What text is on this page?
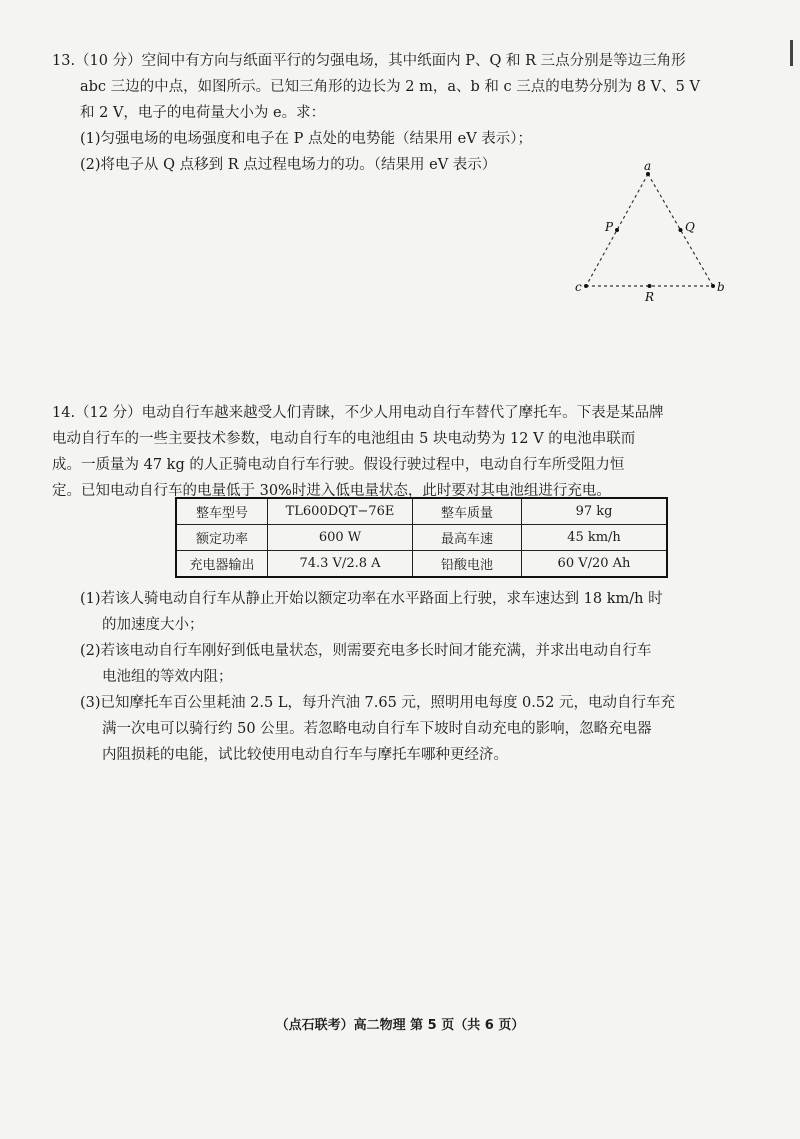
13.（10 分）空间中有方向与纸面平行的匀强电场，其中纸面内 P、Q 和 R 三点分别是等边三角形
abc 三边的中点，如图所示。已知三角形的边长为 2 m，a、b 和 c 三点的电势分别为 8 V、5 V
和 2 V，电子的电荷量大小为 e。求：
(1)匀强电场的电场强度和电子在 P 点处的电势能（结果用 eV 表示）；
(2)将电子从 Q 点移到 R 点过程电场力的功。（结果用 eV 表示）	a
c	b
P	Q
R
14.（12 分）电动自行车越来越受人们青睐，不少人用电动自行车替代了摩托车。下表是某品牌
电动自行车的一些主要技术参数，电动自行车的电池组由 5 块电动势为 12 V 的电池串联而
成。一质量为 47 kg 的人正骑电动自行车行驶。假设行驶过程中，电动自行车所受阻力恒
定。已知电动自行车的电量低于 30%时进入低电量状态，此时要对其电池组进行充电。
整车型号	TL600DQT−76E	整车质量	97 kg
额定功率	600 W	最高车速	45 km/h
充电器输出	74.3 V/2.8 A	铅酸电池	60 V/20 Ah
(1)若该人骑电动自行车从静止开始以额定功率在水平路面上行驶，求车速达到 18 km/h 时
的加速度大小；
(2)若该电动自行车刚好到低电量状态，则需要充电多长时间才能充满，并求出电动自行车
电池组的等效内阻；
(3)已知摩托车百公里耗油 2.5 L，每升汽油 7.65 元，照明用电每度 0.52 元，电动自行车充
满一次电可以骑行约 50 公里。若忽略电动自行车下坡时自动充电的影响，忽略充电器
内阻损耗的电能，试比较使用电动自行车与摩托车哪种更经济。
（点石联考）高二物理 第 5 页（共 6 页）
